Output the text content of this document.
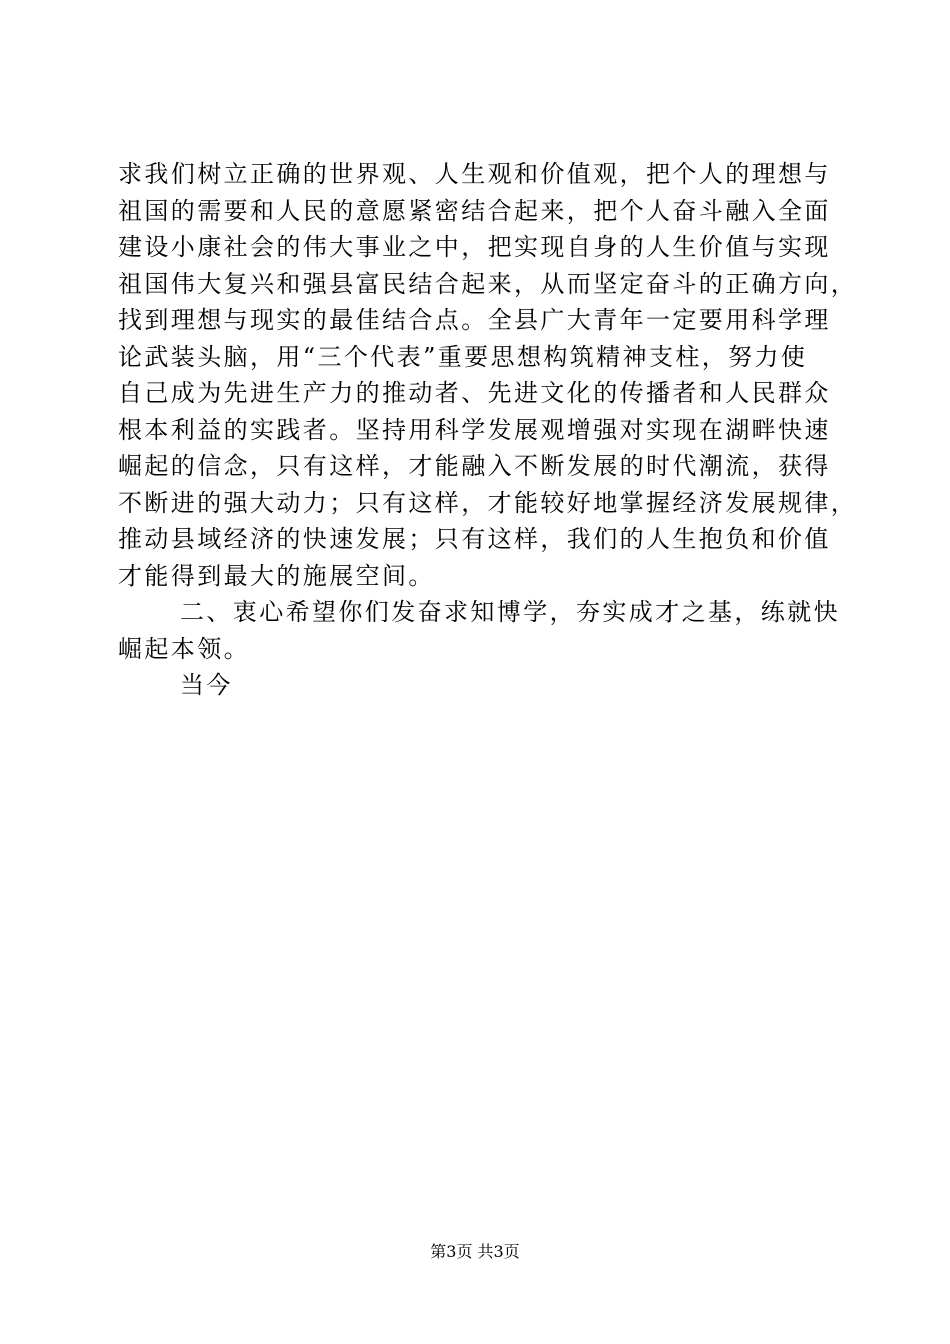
求我们树立正确的世界观、人生观和价值观，把个人的理想与
祖国的需要和人民的意愿紧密结合起来，把个人奋斗融入全面
建设小康社会的伟大事业之中，把实现自身的人生价值与实现
祖国伟大复兴和强县富民结合起来，从而坚定奋斗的正确方向，
找到理想与现实的最佳结合点。全县广大青年一定要用科学理
论武装头脑，用“三个代表”重要思想构筑精神支柱，努力使
自己成为先进生产力的推动者、先进文化的传播者和人民群众
根本利益的实践者。坚持用科学发展观增强对实现在湖畔快速
崛起的信念，只有这样，才能融入不断发展的时代潮流，获得
不断进的强大动力；只有这样，才能较好地掌握经济发展规律，
推动县域经济的快速发展；只有这样，我们的人生抱负和价值
才能得到最大的施展空间。
二、衷心希望你们发奋求知博学，夯实成才之基，练就快
崛起本领。
当今
第3页 共3页
